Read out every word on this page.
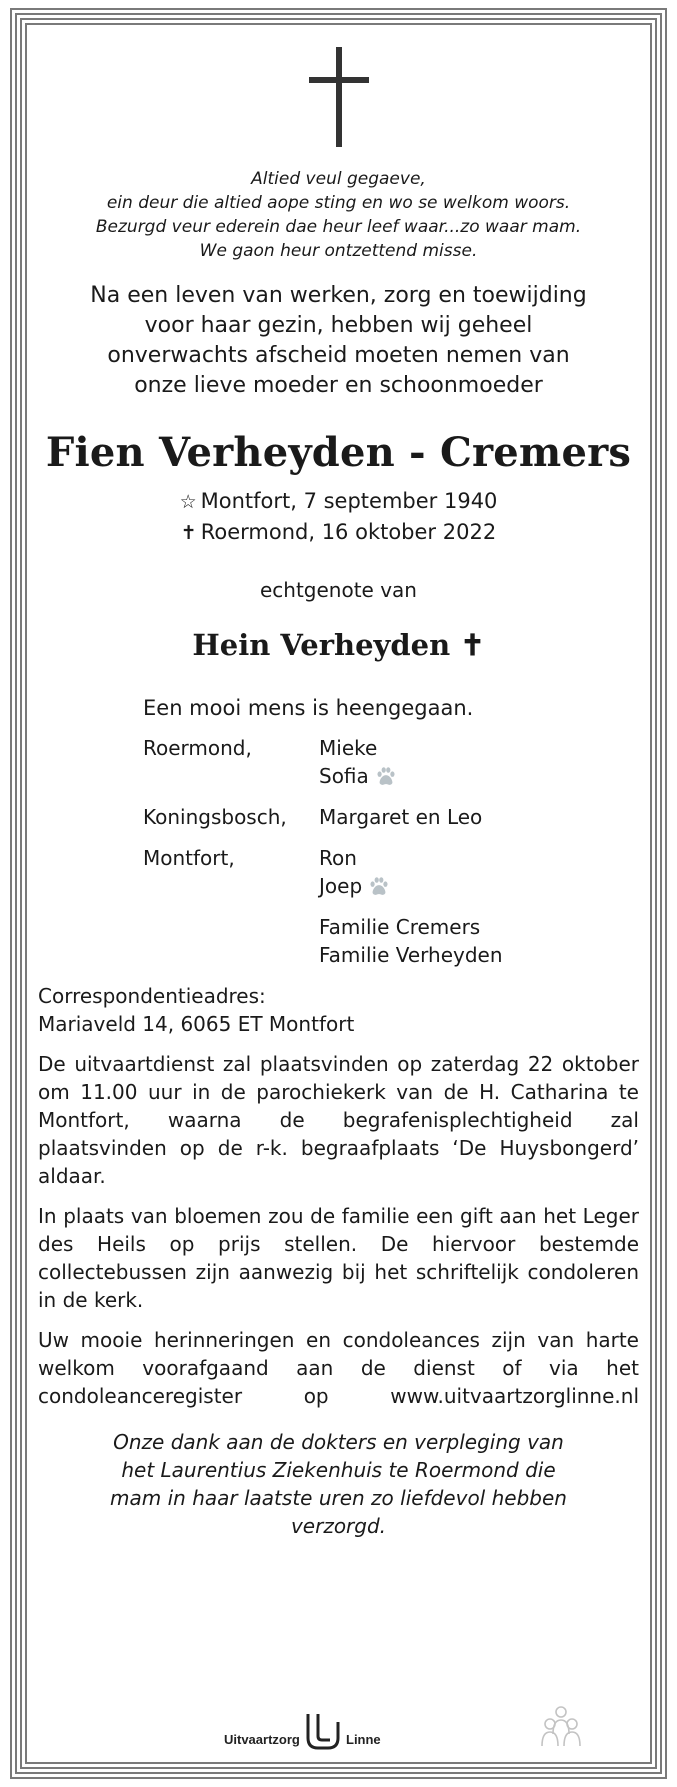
Altied veul gegaeve,
ein deur die altied aope sting en wo se welkom woors.
Bezurgd veur ederein dae heur leef waar...zo waar mam.
We gaon heur ontzettend misse.
Na een leven van werken, zorg en toewijding
voor haar gezin, hebben wij geheel
onverwachts afscheid moeten nemen van
onze lieve moeder en schoonmoeder
Fien Verheyden - Cremers
☆ Montfort, 7 september 1940
✝ Roermond, 16 oktober 2022
echtgenote van
Hein Verheyden ✝
Een mooi mens is heengegaan.
Roermond,	Mieke
Sofia
Koningsbosch,	Margaret en Leo
Montfort,	Ron
Joep
Familie Cremers
Familie Verheyden
Correspondentieadres:
Mariaveld 14, 6065 ET Montfort
De uitvaartdienst zal plaatsvinden op zaterdag 22 oktober om 11.00 uur in de parochiekerk van de H. Catharina te Montfort, waarna de begrafenisplechtigheid zal plaatsvinden op de r-k. begraafplaats ‘De Huysbongerd’ aldaar.
In plaats van bloemen zou de familie een gift aan het Leger des Heils op prijs stellen. De hiervoor bestemde collectebussen zijn aanwezig bij het schriftelijk condoleren in de kerk.
Uw mooie herinneringen en condoleances zijn van harte welkom voorafgaand aan de dienst of via het condoleanceregister op www.uitvaartzorglinne.nl
Onze dank aan de dokters en verpleging van
het Laurentius Ziekenhuis te Roermond die
mam in haar laatste uren zo liefdevol hebben
verzorgd.
Uitvaartzorg	Linne
